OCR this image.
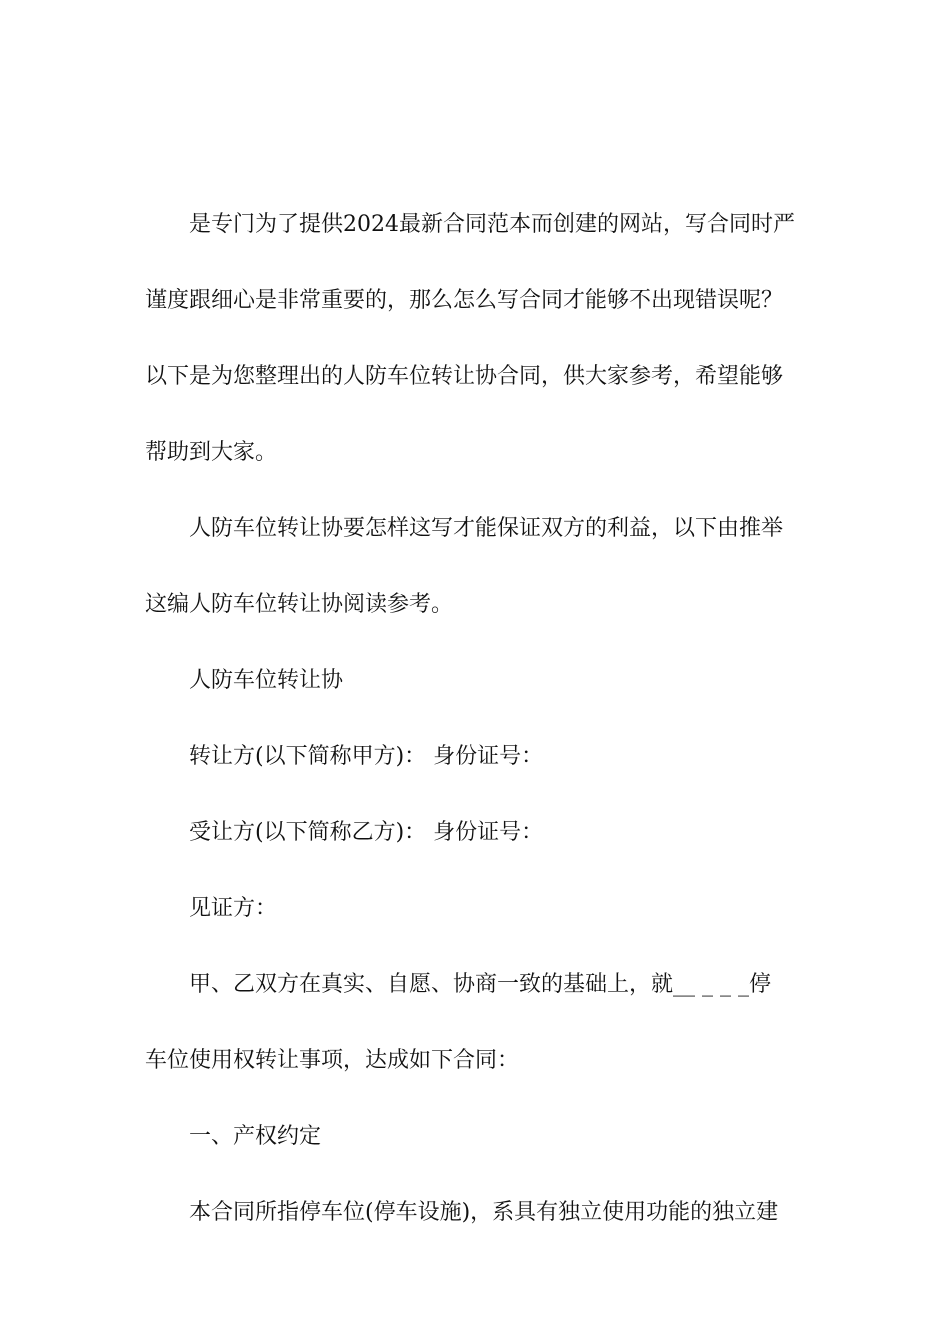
是专门为了提供2024最新合同范本而创建的网站，写合同时严
谨度跟细心是非常重要的，那么怎么写合同才能够不出现错误呢？
以下是为您整理出的人防车位转让协合同，供大家参考，希望能够
帮助到大家。
人防车位转让协要怎样这写才能保证双方的利益，以下由推举
这编人防车位转让协阅读参考。
人防车位转让协
转让方(以下简称甲方)： 身份证号：
受让方(以下简称乙方)： 身份证号：
见证方：
甲、乙双方在真实、自愿、协商一致的基础上，就__ _ _ _停
车位使用权转让事项，达成如下合同：
一、产权约定
本合同所指停车位(停车设施)，系具有独立使用功能的独立建
